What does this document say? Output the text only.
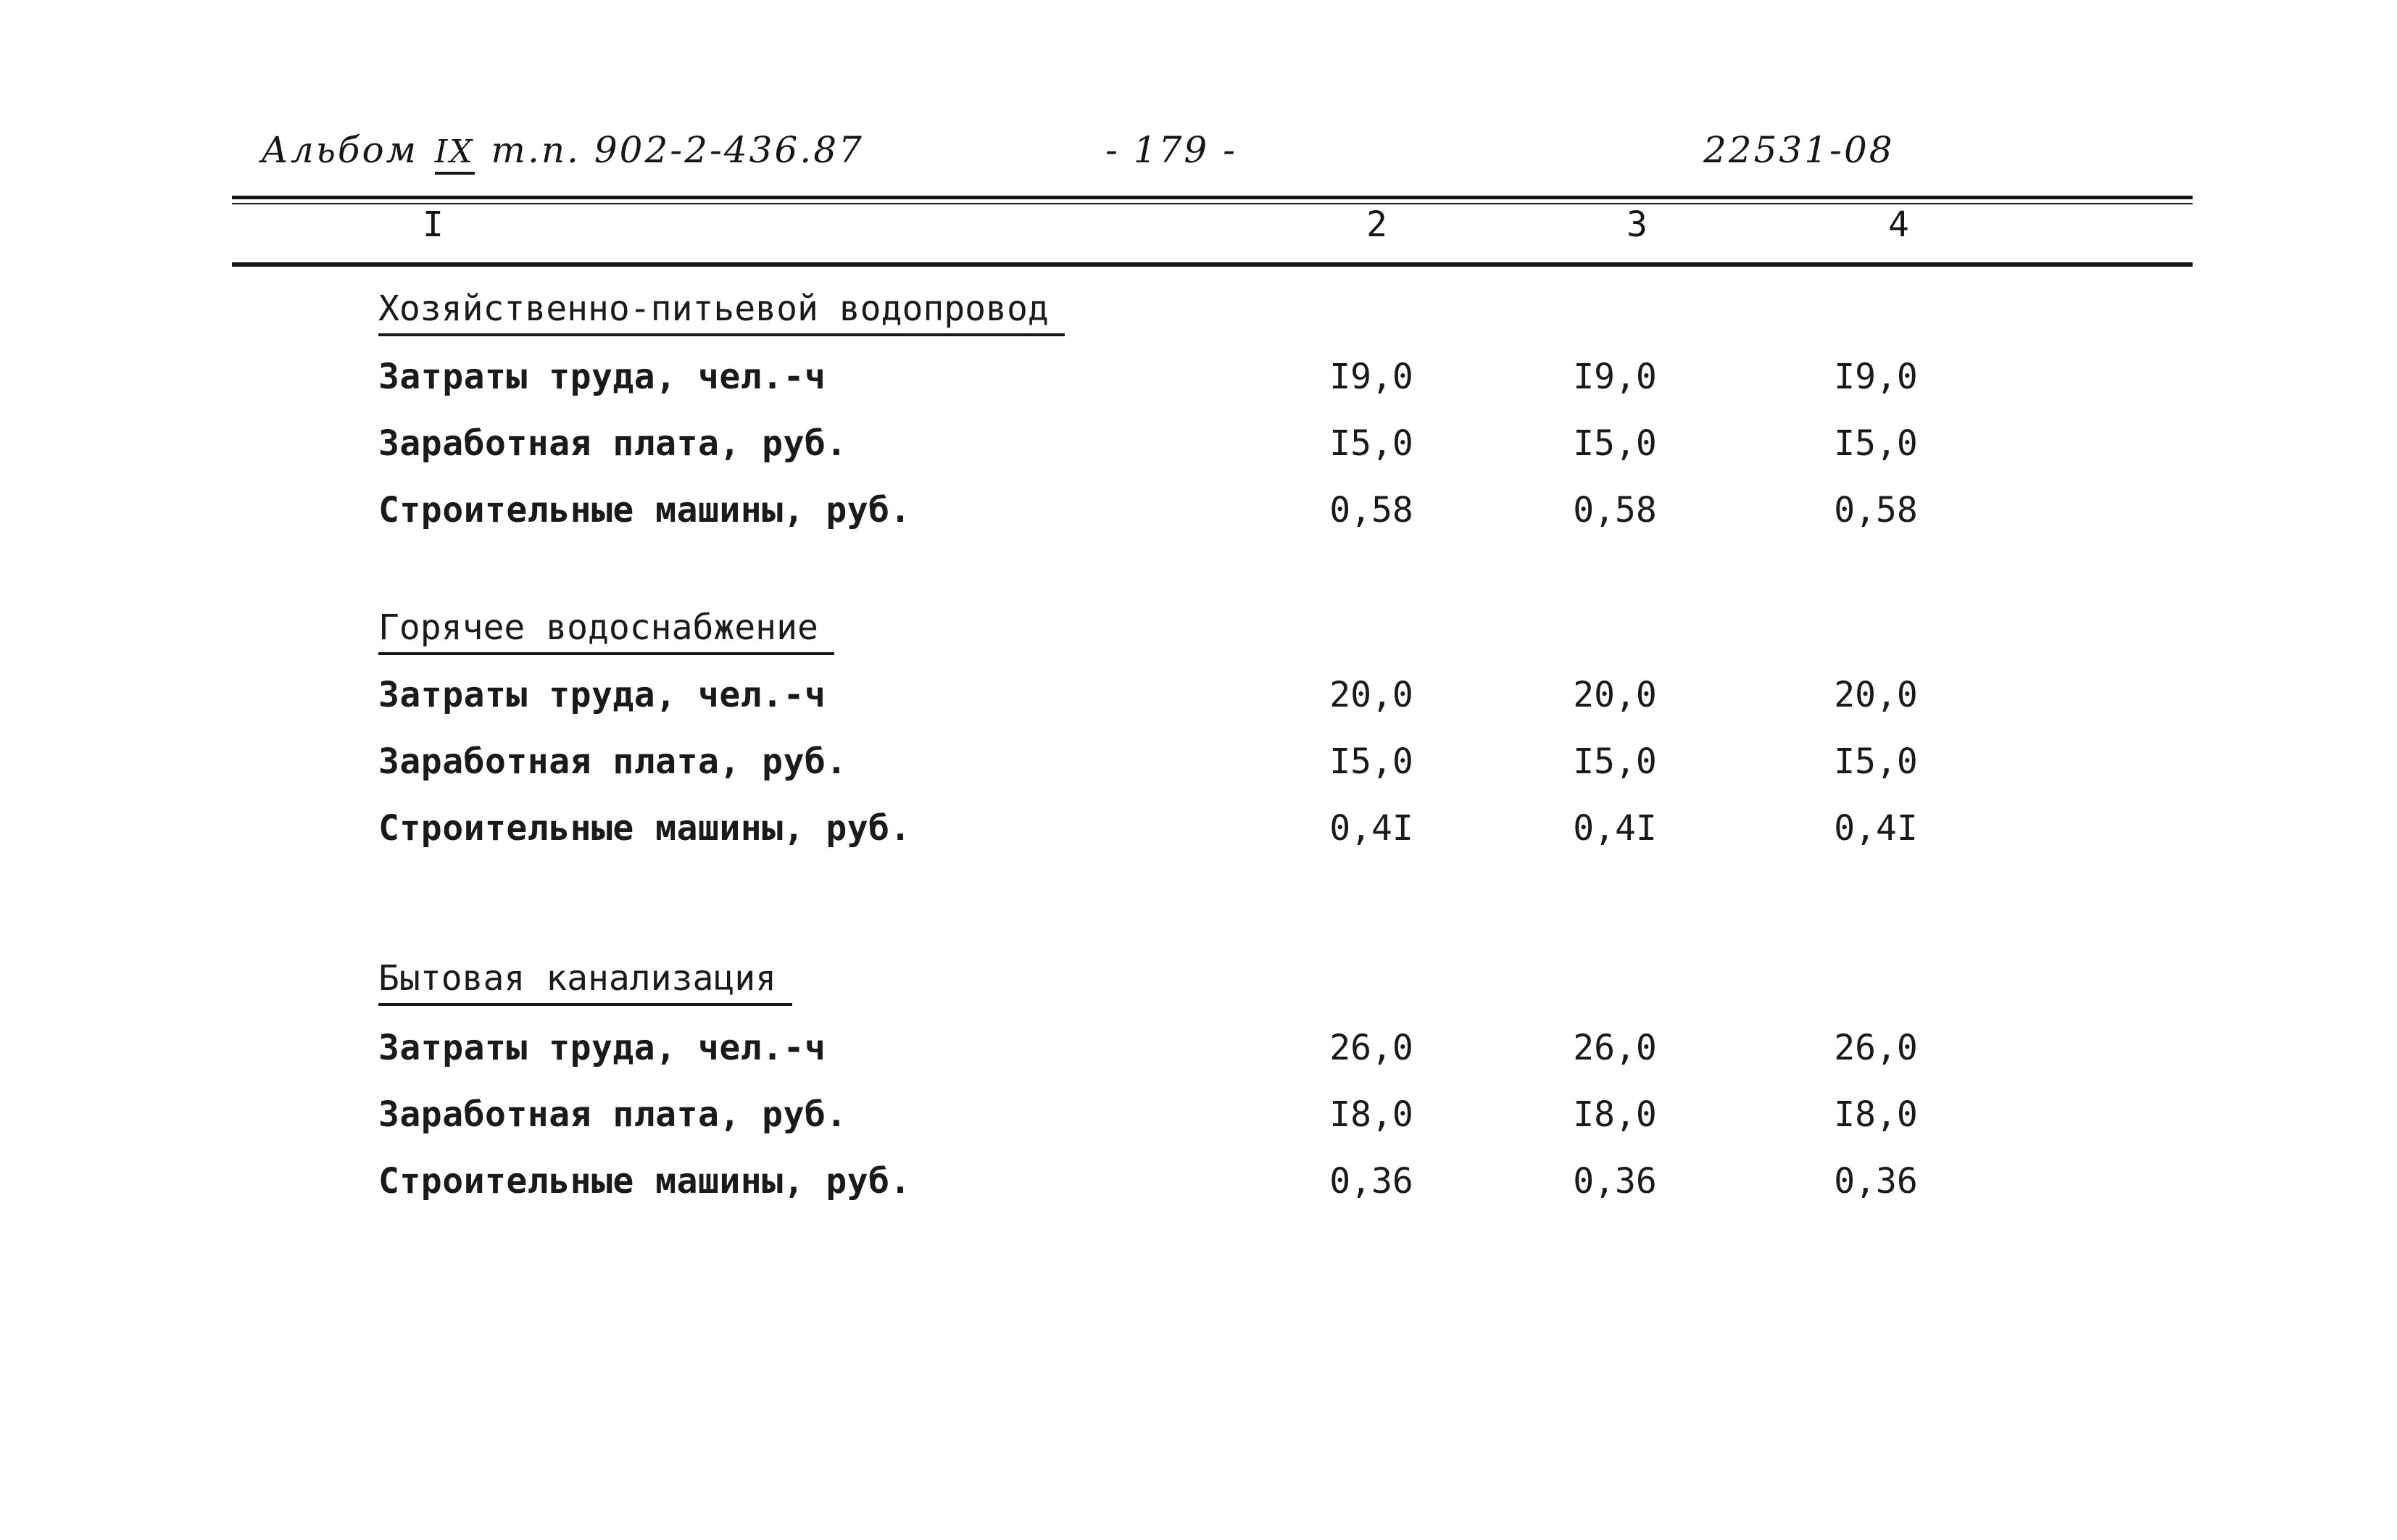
Альбом IX т.п. 902-2-436.87	- 179 -	22531-08
I	2	3	4
Хозяйственно-питьевой водопровод
Затраты труда, чел.-ч	I9,0	I9,0	I9,0
Заработная плата, руб.	I5,0	I5,0	I5,0
Строительные машины, руб.	0,58	0,58	0,58
Горячее водоснабжение
Затраты труда, чел.-ч	20,0	20,0	20,0
Заработная плата, руб.	I5,0	I5,0	I5,0
Строительные машины, руб.	0,4I	0,4I	0,4I
Бытовая канализация
Затраты труда, чел.-ч	26,0	26,0	26,0
Заработная плата, руб.	I8,0	I8,0	I8,0
Строительные машины, руб.	0,36	0,36	0,36
